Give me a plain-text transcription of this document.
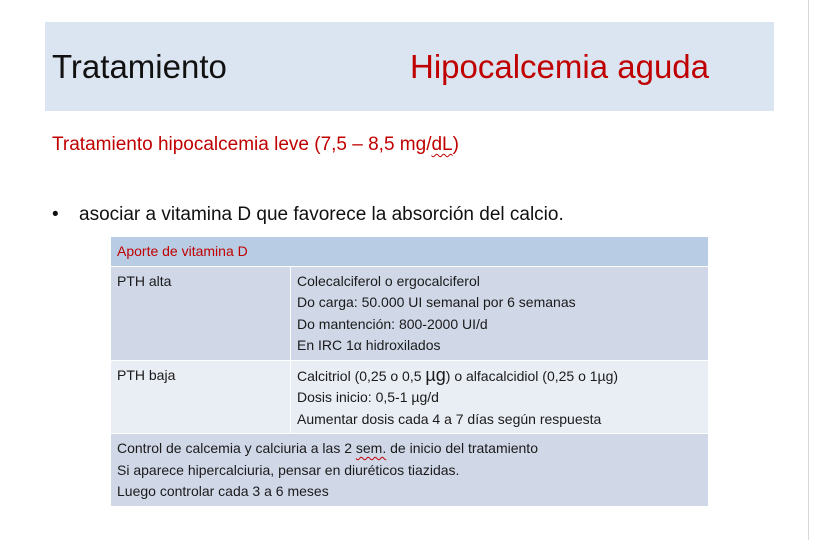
Tratamiento	Hipocalcemia aguda
Tratamiento hipocalcemia leve (7,5 – 8,5 mg/dL)
• asociar a vitamina D que favorece la absorción del calcio.
Aporte de vitamina D	
PTH alta	Colecalciferol o ergocalciferol
Do carga: 50.000 UI semanal por 6 semanas
Do mantención: 800-2000 UI/d
En IRC 1α hidroxilados

PTH baja	Calcitriol (0,25 o 0,5 µg) o alfacalcidiol (0,25 o 1µg)
Dosis inicio: 0,5-1 µg/d
Aumentar dosis cada 4 a 7 días según respuesta

Control de calcemia y calciuria a las 2 sem. de inicio del tratamiento
Si aparece hipercalciuria, pensar en diuréticos tiazidas.
Luego controlar cada 3 a 6 meses	
